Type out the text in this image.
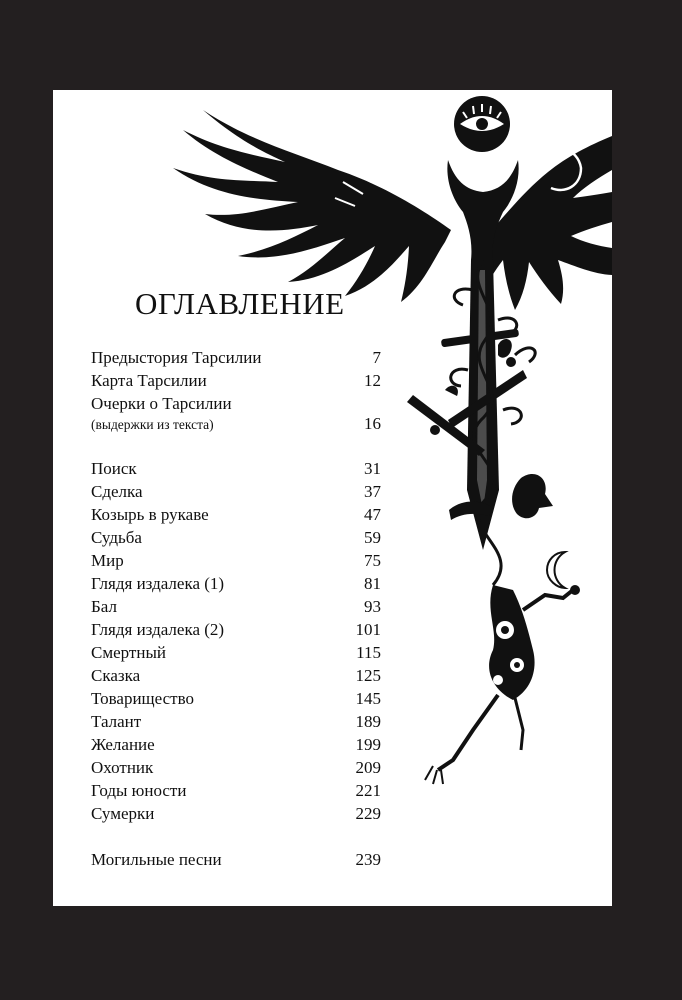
ОГЛАВЛЕНИЕ
Предыстория Тарсилии	7
Карта Тарсилии	12
Очерки о Тарсилии
(выдержки из текста)	16
Поиск	31
Сделка	37
Козырь в рукаве	47
Судьба	59
Мир	75
Глядя издалека (1)	81
Бал	93
Глядя издалека (2)	101
Смертный	115
Сказка	125
Товарищество	145
Талант	189
Желание	199
Охотник	209
Годы юности	221
Сумерки	229
Могильные песни	239
